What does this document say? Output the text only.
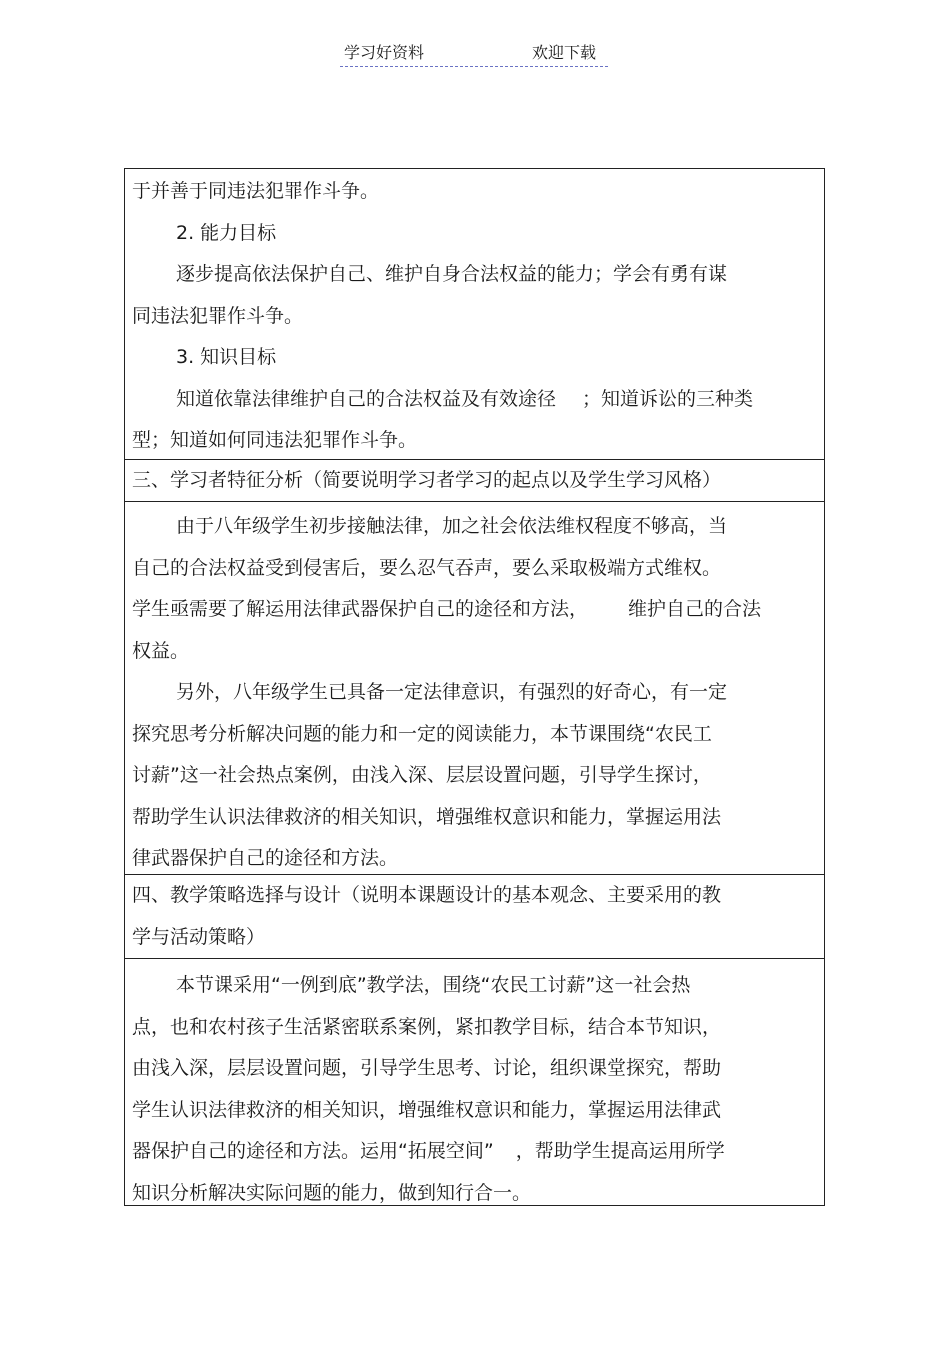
学习好资料	欢迎下载
于并善于同违法犯罪作斗争。
2. 能力目标
逐步提高依法保护自己、维护自身合法权益的能力；学会有勇有谋
同违法犯罪作斗争。
3. 知识目标
知道依靠法律维护自己的合法权益及有效途径 ；知道诉讼的三种类
型；知道如何同违法犯罪作斗争。
三、学习者特征分析（简要说明学习者学习的起点以及学生学习风格）
由于八年级学生初步接触法律，加之社会依法维权程度不够高，当
自己的合法权益受到侵害后，要么忍气吞声，要么采取极端方式维权。
学生亟需要了解运用法律武器保护自己的途径和方法， 维护自己的合法
权益。
另外，八年级学生已具备一定法律意识，有强烈的好奇心，有一定
探究思考分析解决问题的能力和一定的阅读能力，本节课围绕“农民工
讨薪”这一社会热点案例，由浅入深、层层设置问题，引导学生探讨，
帮助学生认识法律救济的相关知识，增强维权意识和能力，掌握运用法
律武器保护自己的途径和方法。
四、教学策略选择与设计（说明本课题设计的基本观念、主要采用的教
学与活动策略）
本节课采用“一例到底”教学法，围绕“农民工讨薪”这一社会热
点，也和农村孩子生活紧密联系案例，紧扣教学目标，结合本节知识，
由浅入深，层层设置问题，引导学生思考、讨论，组织课堂探究，帮助
学生认识法律救济的相关知识，增强维权意识和能力，掌握运用法律武
器保护自己的途径和方法。运用“拓展空间” ，帮助学生提高运用所学
知识分析解决实际问题的能力，做到知行合一。
